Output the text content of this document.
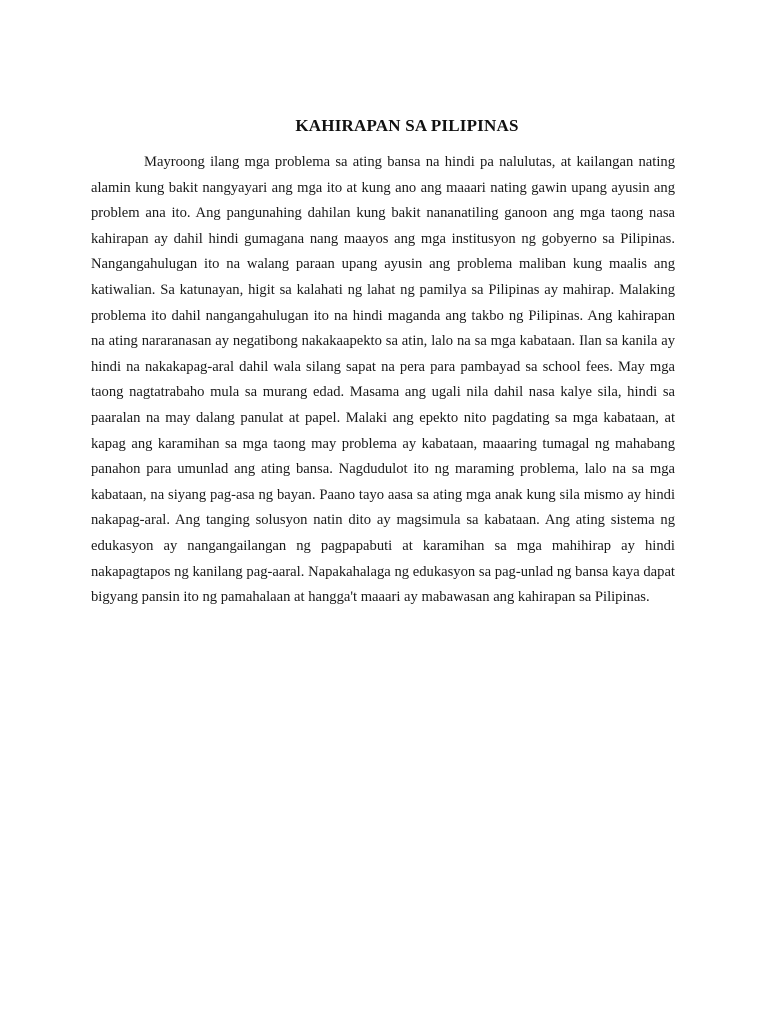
KAHIRAPAN SA PILIPINAS

Mayroong ilang mga problema sa ating bansa na hindi pa nalulutas, at kailangan nating alamin kung bakit nangyayari ang mga ito at kung ano ang maaari nating gawin upang ayusin ang problem ana ito. Ang pangunahing dahilan kung bakit nananatiling ganoon ang mga taong nasa kahirapan ay dahil hindi gumagana nang maayos ang mga institusyon ng gobyerno sa Pilipinas. Nangangahulugan ito na walang paraan upang ayusin ang problema maliban kung maalis ang katiwalian. Sa katunayan, higit sa kalahati ng lahat ng pamilya sa Pilipinas ay mahirap. Malaking problema ito dahil nangangahulugan ito na hindi maganda ang takbo ng Pilipinas. Ang kahirapan na ating nararanasan ay negatibong nakakaapekto sa atin, lalo na sa mga kabataan. Ilan sa kanila ay hindi na nakakapag-aral dahil wala silang sapat na pera para pambayad sa school fees. May mga taong nagtatrabaho mula sa murang edad. Masama ang ugali nila dahil nasa kalye sila, hindi sa paaralan na may dalang panulat at papel. Malaki ang epekto nito pagdating sa mga kabataan, at kapag ang karamihan sa mga taong may problema ay kabataan, maaaring tumagal ng mahabang panahon para umunlad ang ating bansa. Nagdudulot ito ng maraming problema, lalo na sa mga kabataan, na siyang pag-asa ng bayan. Paano tayo aasa sa ating mga anak kung sila mismo ay hindi nakapag-aral. Ang tanging solusyon natin dito ay magsimula sa kabataan. Ang ating sistema ng edukasyon ay nangangailangan ng pagpapabuti at karamihan sa mga mahihirap ay hindi nakapagtapos ng kanilang pag-aaral. Napakahalaga ng edukasyon sa pag-unlad ng bansa kaya dapat bigyang pansin ito ng pamahalaan at hangga't maaari ay mabawasan ang kahirapan sa Pilipinas.
